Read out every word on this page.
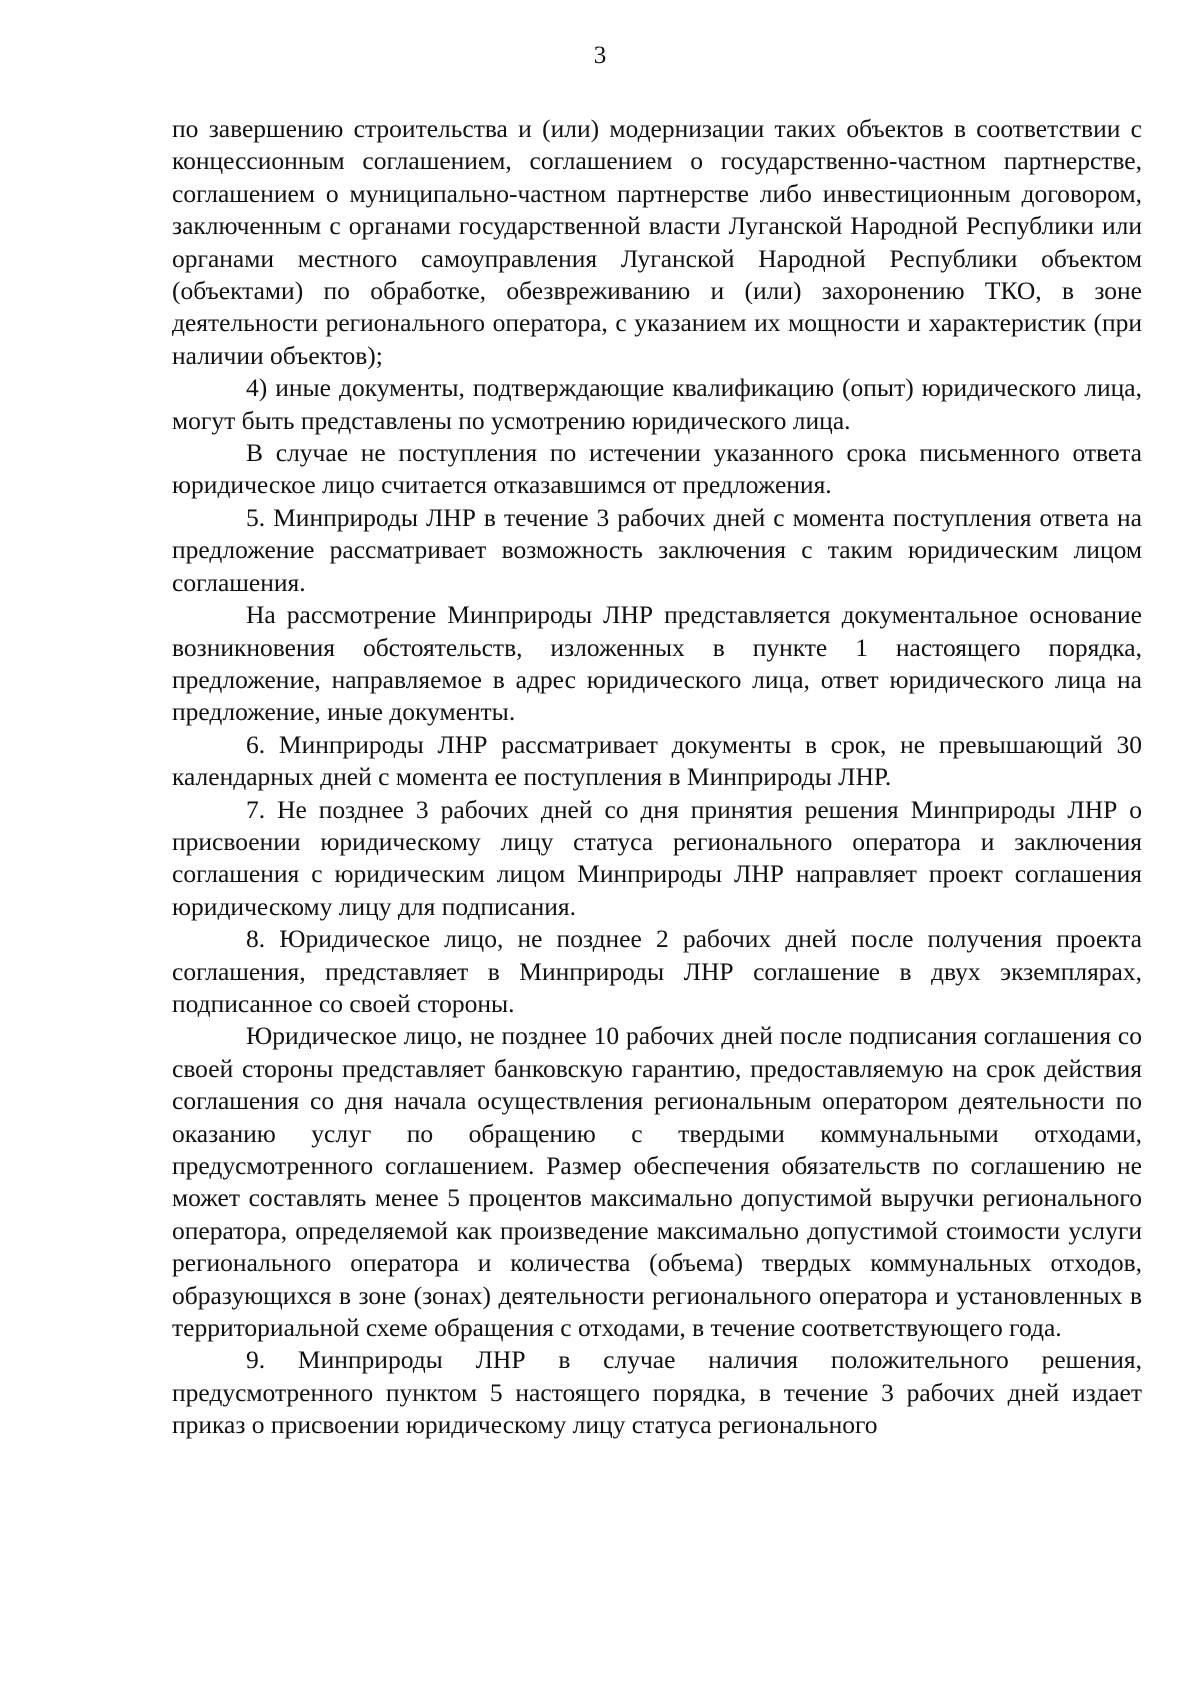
3

по завершению строительства и (или) модернизации таких объектов в соответствии с концессионным соглашением, соглашением о государственно-частном партнерстве, соглашением о муниципально-частном партнерстве либо инвестиционным договором, заключенным с органами государственной власти Луганской Народной Республики или органами местного самоуправления Луганской Народной Республики объектом (объектами) по обработке, обезвреживанию и (или) захоронению ТКО, в зоне деятельности регионального оператора, с указанием их мощности и характеристик (при наличии объектов);

4) иные документы, подтверждающие квалификацию (опыт) юридического лица, могут быть представлены по усмотрению юридического лица.

В случае не поступления по истечении указанного срока письменного ответа юридическое лицо считается отказавшимся от предложения.

5. Минприроды ЛНР в течение 3 рабочих дней с момента поступления ответа на предложение рассматривает возможность заключения с таким юридическим лицом соглашения.

На рассмотрение Минприроды ЛНР представляется документальное основание возникновения обстоятельств, изложенных в пункте 1 настоящего порядка, предложение, направляемое в адрес юридического лица, ответ юридического лица на предложение, иные документы.

6. Минприроды ЛНР рассматривает документы в срок, не превышающий 30 календарных дней с момента ее поступления в Минприроды ЛНР.

7. Не позднее 3 рабочих дней со дня принятия решения Минприроды ЛНР о присвоении юридическому лицу статуса регионального оператора и заключения соглашения с юридическим лицом Минприроды ЛНР направляет проект соглашения юридическому лицу для подписания.

8. Юридическое лицо, не позднее 2 рабочих дней после получения проекта соглашения, представляет в Минприроды ЛНР соглашение в двух экземплярах, подписанное со своей стороны.

Юридическое лицо, не позднее 10 рабочих дней после подписания соглашения со своей стороны представляет банковскую гарантию, предоставляемую на срок действия соглашения со дня начала осуществления региональным оператором деятельности по оказанию услуг по обращению с твердыми коммунальными отходами, предусмотренного соглашением. Размер обеспечения обязательств по соглашению не может составлять менее 5 процентов максимально допустимой выручки регионального оператора, определяемой как произведение максимально допустимой стоимости услуги регионального оператора и количества (объема) твердых коммунальных отходов, образующихся в зоне (зонах) деятельности регионального оператора и установленных в территориальной схеме обращения с отходами, в течение соответствующего года.

9. Минприроды ЛНР в случае наличия положительного решения, предусмотренного пунктом 5 настоящего порядка, в течение 3 рабочих дней издает приказ о присвоении юридическому лицу статуса регионального
